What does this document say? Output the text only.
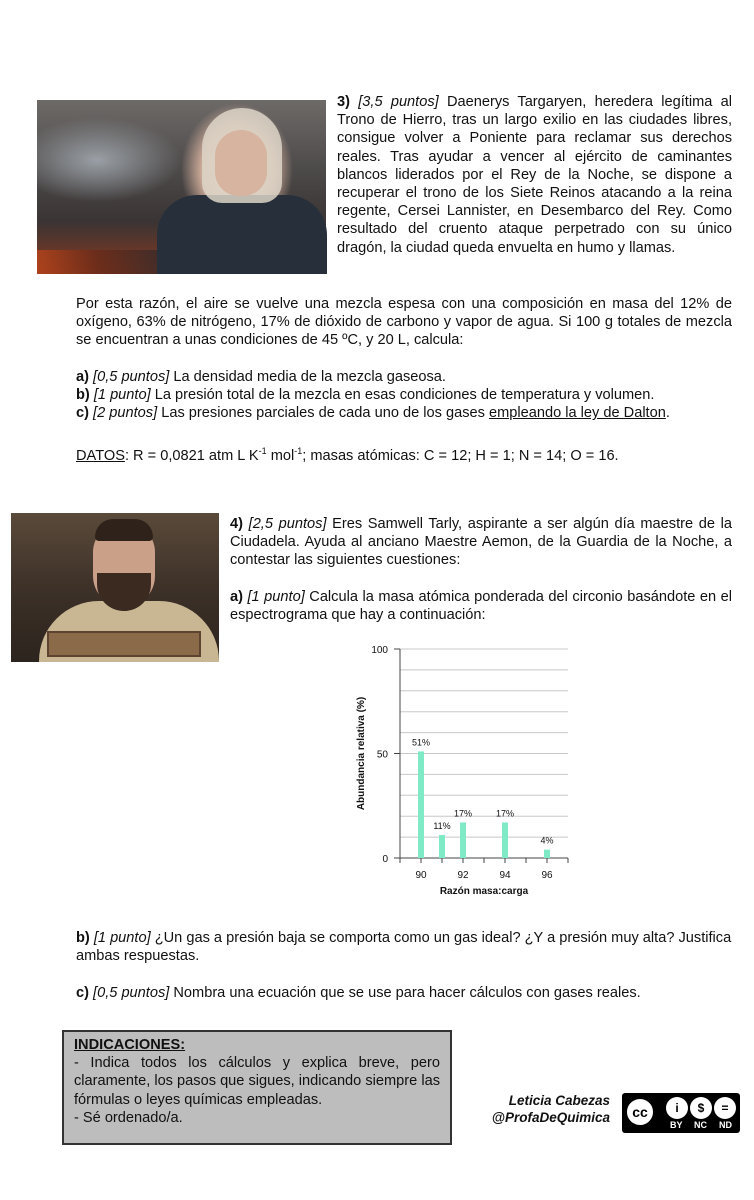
3) [3,5 puntos] Daenerys Targaryen, heredera legítima al Trono de Hierro, tras un largo exilio en las ciudades libres, consigue volver a Poniente para reclamar sus derechos reales. Tras ayudar a vencer al ejército de caminantes blancos liderados por el Rey de la Noche, se dispone a recuperar el trono de los Siete Reinos atacando a la reina regente, Cersei Lannister, en Desembarco del Rey. Como resultado del cruento ataque perpetrado con su único dragón, la ciudad queda envuelta en humo y llamas.
Por esta razón, el aire se vuelve una mezcla espesa con una composición en masa del 12% de oxígeno, 63% de nitrógeno, 17% de dióxido de carbono y vapor de agua. Si 100 g totales de mezcla se encuentran a unas condiciones de 45 ºC, y 20 L, calcula:
a) [0,5 puntos] La densidad media de la mezcla gaseosa.
b) [1 punto] La presión total de la mezcla en esas condiciones de temperatura y volumen.
c) [2 puntos] Las presiones parciales de cada uno de los gases empleando la ley de Dalton.
DATOS: R = 0,0821 atm L $K^{-1}$ mol$^{-1}$; masas atómicas: C = 12; H = 1; N = 14; O = 16.
4) [2,5 puntos] Eres Samwell Tarly, aspirante a ser algún día maestre de la Ciudadela. Ayuda al anciano Maestre Aemon, de la Guardia de la Noche, a contestar las siguientes cuestiones:
a) [1 punto] Calcula la masa atómica ponderada del circonio basándote en el espectrograma que hay a continuación:
0
50
100
90	92	94	96
51%
11%
17%	17%
4%
Razón masa:carga
Abundancia relativa (%)
b) [1 punto] ¿Un gas a presión baja se comporta como un gas ideal? ¿Y a presión muy alta? Justifica ambas respuestas.
c) [0,5 puntos] Nombra una ecuación que se use para hacer cálculos con gases reales.
INDICACIONES:
- Indica todos los cálculos y explica breve, pero claramente, los pasos que sigues, indicando siempre las fórmulas o leyes químicas empleadas.
- Sé ordenado/a.
Leticia Cabezas
@ProfaDeQuimica	cc	i	$	=
BY NC ND
